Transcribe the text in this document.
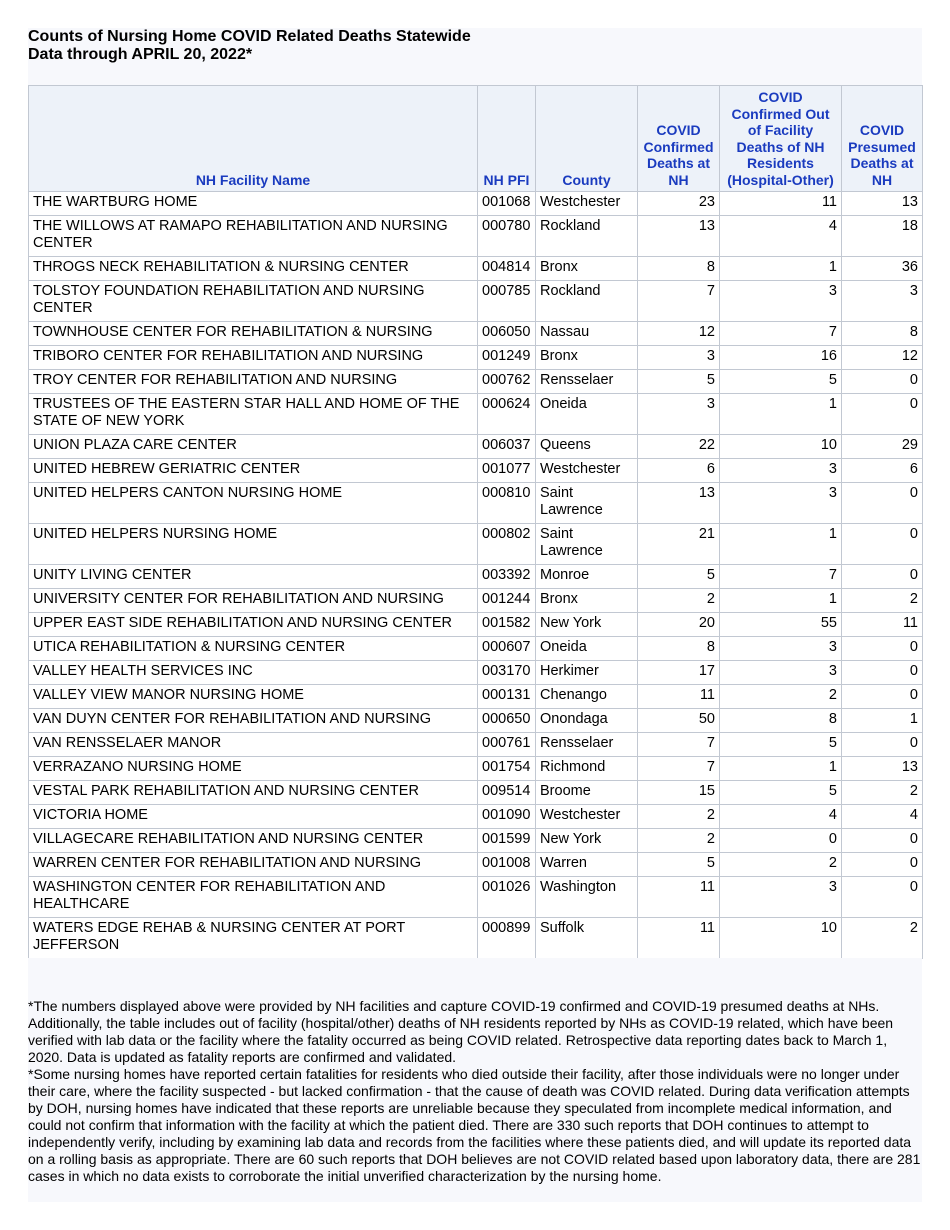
Counts of Nursing Home COVID Related Deaths Statewide
Data through APRIL 20, 2022*
NH Facility Name	NH PFI	County	COVID Confirmed Deaths at NH	COVID Confirmed Out of Facility Deaths of NH Residents (Hospital-Other)	COVID Presumed Deaths at NH
THE WARTBURG HOME	001068	Westchester	23	11	13
THE WILLOWS AT RAMAPO REHABILITATION AND NURSING CENTER	000780	Rockland	13	4	18
THROGS NECK REHABILITATION & NURSING CENTER	004814	Bronx	8	1	36
TOLSTOY FOUNDATION REHABILITATION AND NURSING CENTER	000785	Rockland	7	3	3
TOWNHOUSE CENTER FOR REHABILITATION & NURSING	006050	Nassau	12	7	8
TRIBORO CENTER FOR REHABILITATION AND NURSING	001249	Bronx	3	16	12
TROY CENTER FOR REHABILITATION AND NURSING	000762	Rensselaer	5	5	0
TRUSTEES OF THE EASTERN STAR HALL AND HOME OF THE STATE OF NEW YORK	000624	Oneida	3	1	0
UNION PLAZA CARE CENTER	006037	Queens	22	10	29
UNITED HEBREW GERIATRIC CENTER	001077	Westchester	6	3	6
UNITED HELPERS CANTON NURSING HOME	000810	Saint Lawrence	13	3	0
UNITED HELPERS NURSING HOME	000802	Saint Lawrence	21	1	0
UNITY LIVING CENTER	003392	Monroe	5	7	0
UNIVERSITY CENTER FOR REHABILITATION AND NURSING	001244	Bronx	2	1	2
UPPER EAST SIDE REHABILITATION AND NURSING CENTER	001582	New York	20	55	11
UTICA REHABILITATION & NURSING CENTER	000607	Oneida	8	3	0
VALLEY HEALTH SERVICES INC	003170	Herkimer	17	3	0
VALLEY VIEW MANOR NURSING HOME	000131	Chenango	11	2	0
VAN DUYN CENTER FOR REHABILITATION AND NURSING	000650	Onondaga	50	8	1
VAN RENSSELAER MANOR	000761	Rensselaer	7	5	0
VERRAZANO NURSING HOME	001754	Richmond	7	1	13
VESTAL PARK REHABILITATION AND NURSING CENTER	009514	Broome	15	5	2
VICTORIA HOME	001090	Westchester	2	4	4
VILLAGECARE REHABILITATION AND NURSING CENTER	001599	New York	2	0	0
WARREN CENTER FOR REHABILITATION AND NURSING	001008	Warren	5	2	0
WASHINGTON CENTER FOR REHABILITATION AND HEALTHCARE	001026	Washington	11	3	0
WATERS EDGE REHAB & NURSING CENTER AT PORT JEFFERSON	000899	Suffolk	11	10	2

*The numbers displayed above were provided by NH facilities and capture COVID-19 confirmed and COVID-19 presumed deaths at NHs. Additionally, the table includes out of facility (hospital/other) deaths of NH residents reported by NHs as COVID-19 related, which have been verified with lab data or the facility where the fatality occurred as being COVID related. Retrospective data reporting dates back to March 1, 2020. Data is updated as fatality reports are confirmed and validated.

*Some nursing homes have reported certain fatalities for residents who died outside their facility, after those individuals were no longer under their care, where the facility suspected - but lacked confirmation - that the cause of death was COVID related. During data verification attempts by DOH, nursing homes have indicated that these reports are unreliable because they speculated from incomplete medical information, and could not confirm that information with the facility at which the patient died. There are 330 such reports that DOH continues to attempt to independently verify, including by examining lab data and records from the facilities where these patients died, and will update its reported data on a rolling basis as appropriate. There are 60 such reports that DOH believes are not COVID related based upon laboratory data, there are 281 cases in which no data exists to corroborate the initial unverified characterization by the nursing home.
